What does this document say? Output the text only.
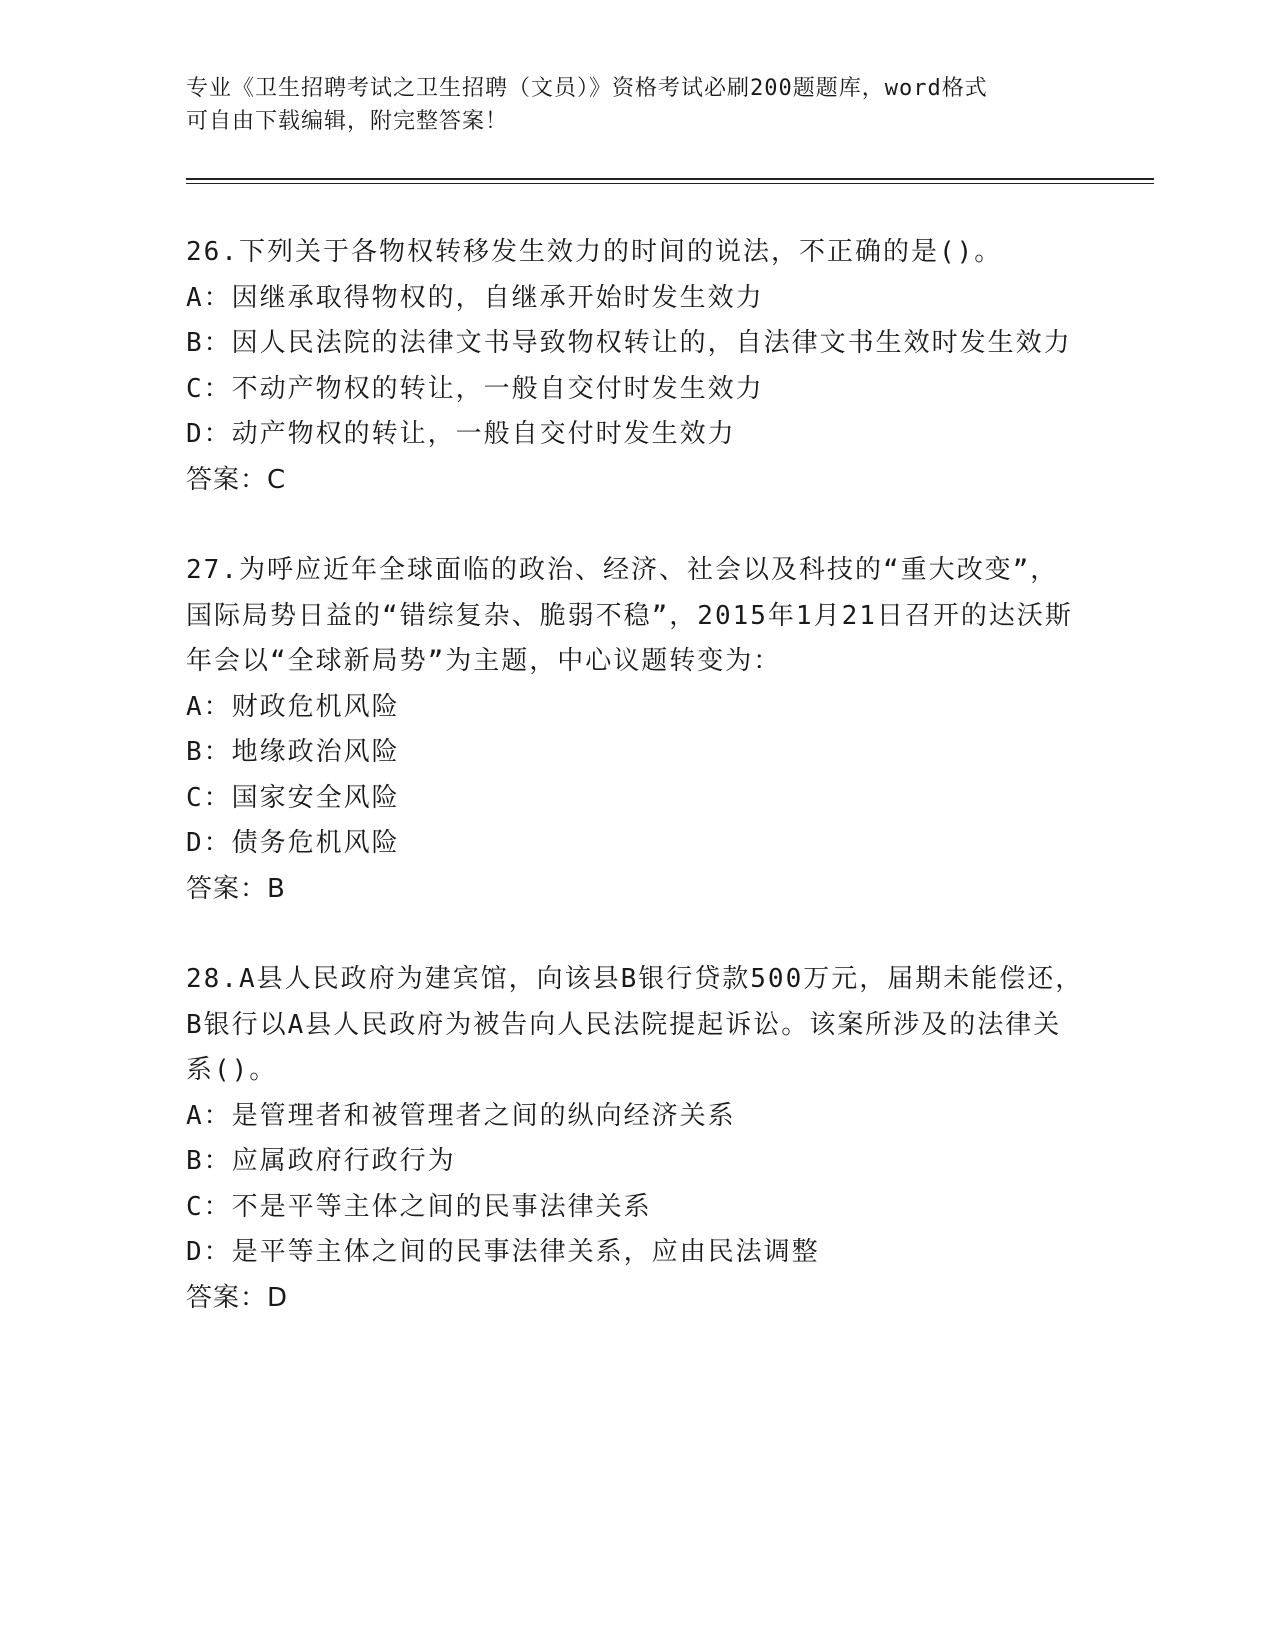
专业《卫生招聘考试之卫生招聘（文员）》资格考试必刷200题题库，word格式
可自由下载编辑，附完整答案！

26.下列关于各物权转移发生效力的时间的说法，不正确的是()。

A：因继承取得物权的，自继承开始时发生效力

B：因人民法院的法律文书导致物权转让的，自法律文书生效时发生效力

C：不动产物权的转让，一般自交付时发生效力

D：动产物权的转让，一般自交付时发生效力

答案：C

27.为呼应近年全球面临的政治、经济、社会以及科技的“重大改变”，国际局势日益的“错综复杂、脆弱不稳”，2015年1月21日召开的达沃斯年会以“全球新局势”为主题，中心议题转变为：

A：财政危机风险

B：地缘政治风险

C：国家安全风险

D：债务危机风险

答案：B

28.A县人民政府为建宾馆，向该县B银行贷款500万元，届期未能偿还，B银行以A县人民政府为被告向人民法院提起诉讼。该案所涉及的法律关系()。

A：是管理者和被管理者之间的纵向经济关系

B：应属政府行政行为

C：不是平等主体之间的民事法律关系

D：是平等主体之间的民事法律关系，应由民法调整

答案：D
